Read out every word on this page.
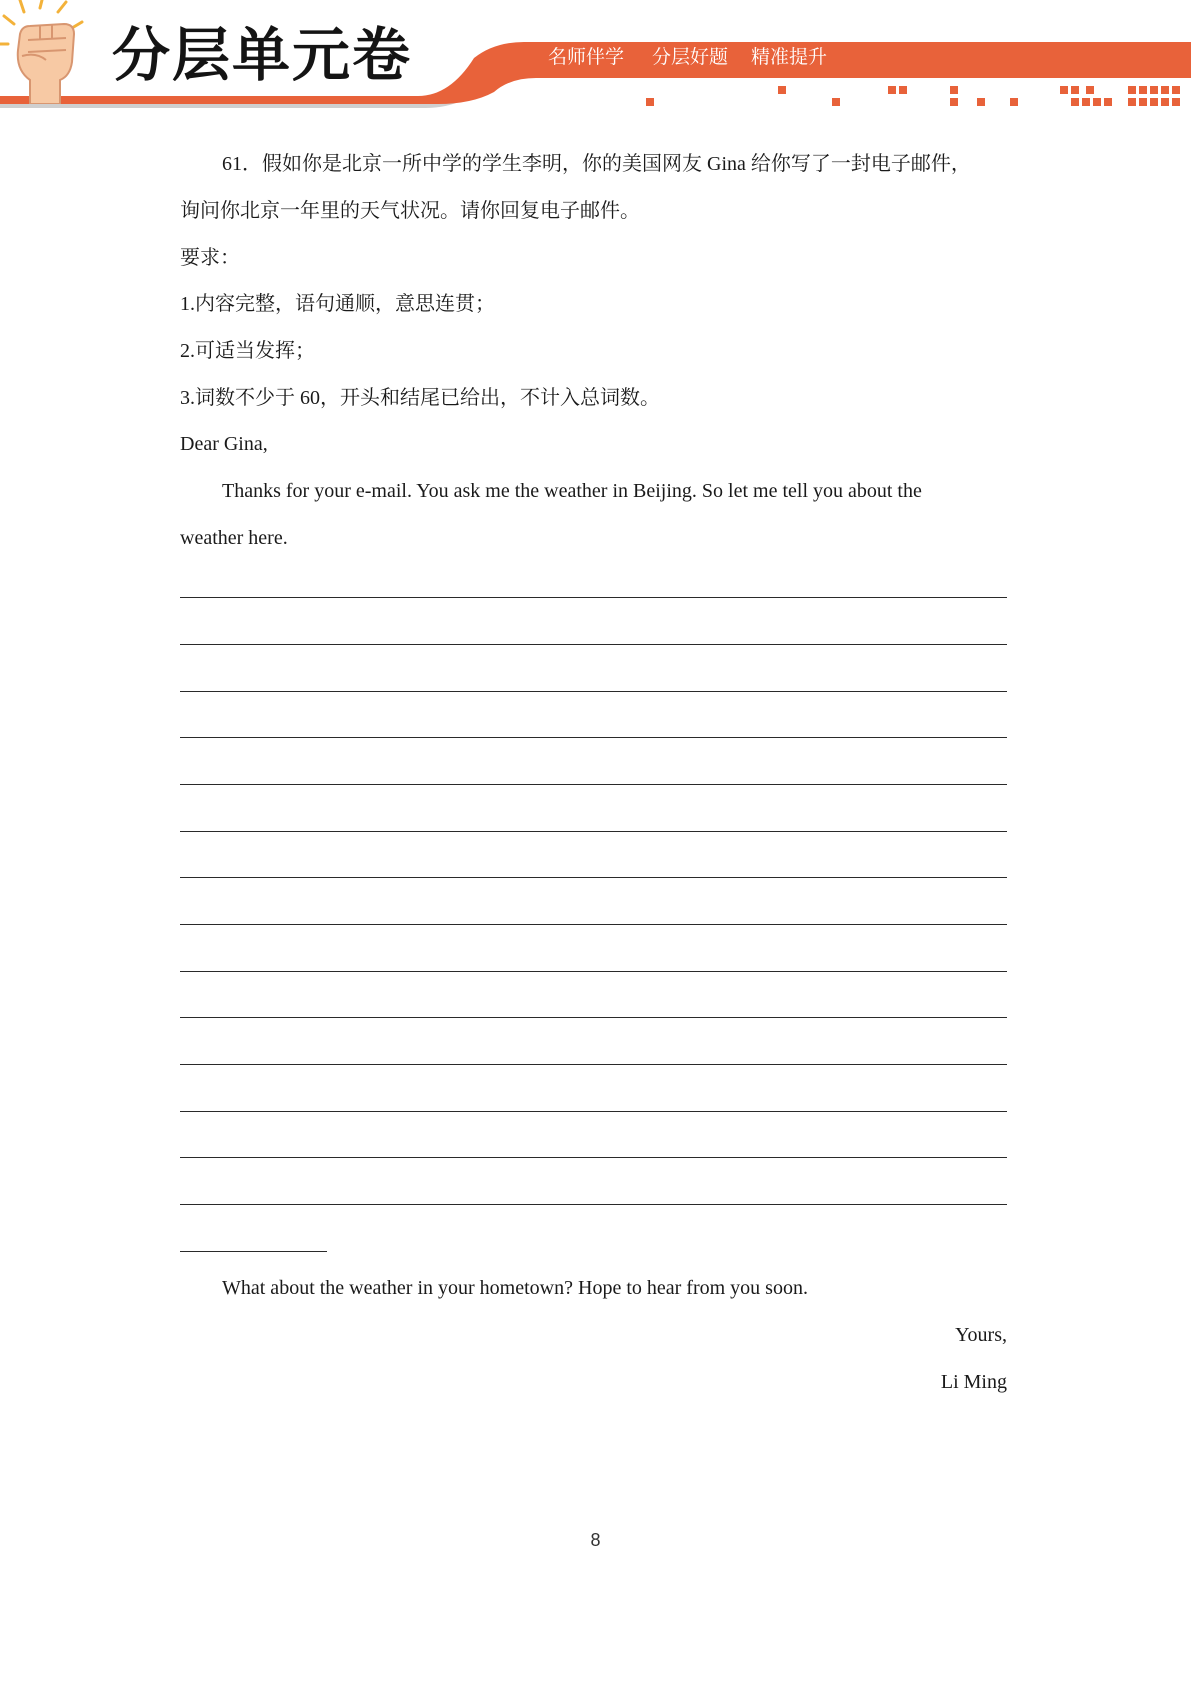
分层单元卷	名师伴学 分层好题 精准提升
61．假如你是北京一所中学的学生李明，你的美国网友 Gina 给你写了一封电子邮件，
询问你北京一年里的天气状况。请你回复电子邮件。
要求：
1.内容完整，语句通顺，意思连贯；
2.可适当发挥；
3.词数不少于 60，开头和结尾已给出，不计入总词数。
Dear Gina,
Thanks for your e-mail. You ask me the weather in Beijing. So let me tell you about the
weather here.
What about the weather in your hometown? Hope to hear from you soon.
Yours,
Li Ming
8
